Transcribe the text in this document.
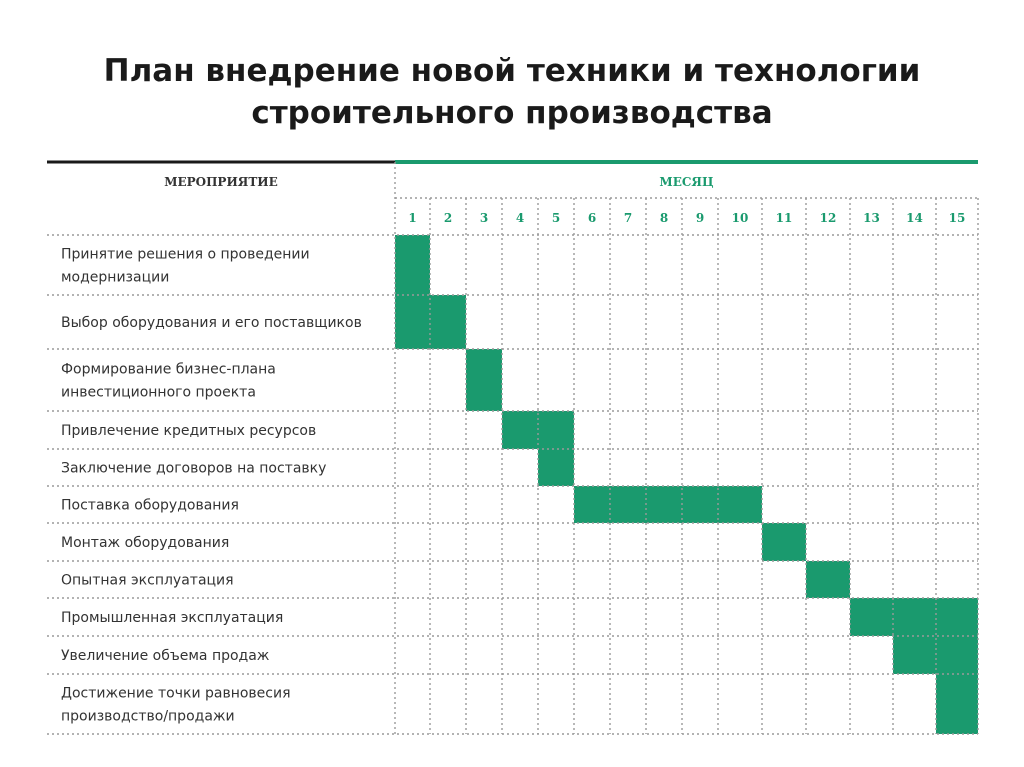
План внедрение новой техники и технологии
строительного производства
МЕРОПРИЯТИЕ	МЕСЯЦ
1 2 3 4 5 6 7 8 9 10 11 12 13 14 15
Принятие решения о проведении
модернизации
Выбор оборудования и его поставщиков
Формирование бизнес-плана
инвестиционного проекта
Привлечение кредитных ресурсов
Заключение договоров на поставку
Поставка оборудования
Монтаж оборудования
Опытная эксплуатация
Промышленная эксплуатация
Увеличение объема продаж
Достижение точки равновесия
производство/продажи
